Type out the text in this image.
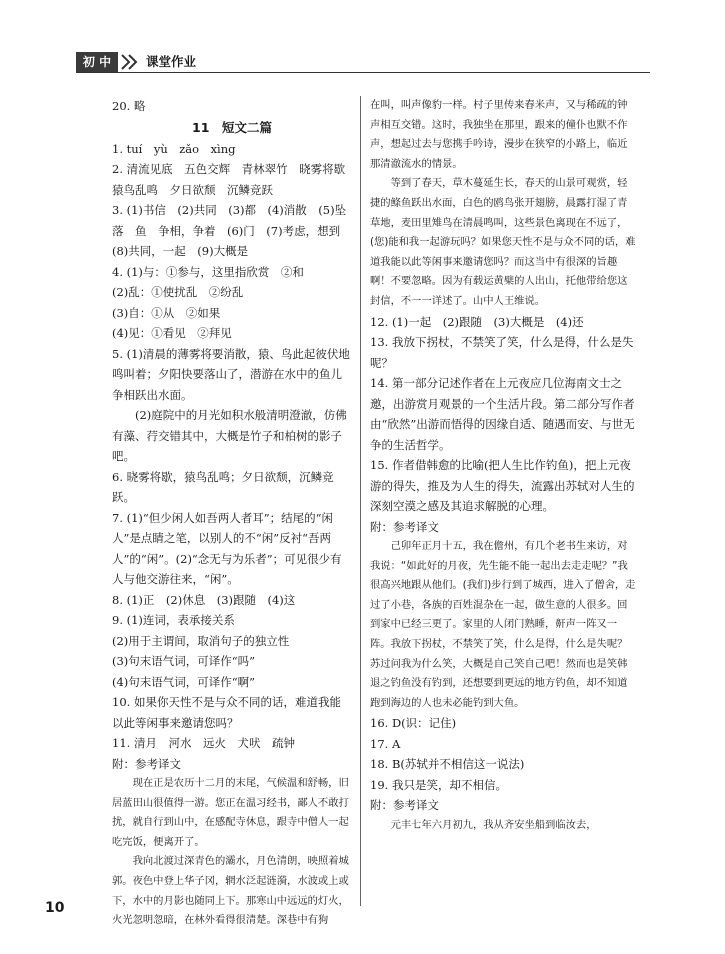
初 中	课堂作业

20. 略

11　短文二篇

1. tuí　yù　zǎo　xìng

2. 清流见底　五色交辉　青林翠竹　晓雾将歇　猿鸟乱鸣　夕日欲颓　沉鳞竞跃

3. (1)书信　(2)共同　(3)都　(4)消散　(5)坠落　鱼　争相，争着　(6)门　(7)考虑，想到　(8)共同，一起　(9)大概是

4. (1)与：①参与，这里指欣赏　②和

(2)乱：①使扰乱　②纷乱

(3)自：①从　②如果

(4)见：①看见　②拜见

5. (1)清晨的薄雾将要消散，猿、鸟此起彼伏地鸣叫着；夕阳快要落山了，潜游在水中的鱼儿争相跃出水面。

(2)庭院中的月光如积水般清明澄澈，仿佛有藻、荇交错其中，大概是竹子和柏树的影子吧。

6. 晓雾将歇，猿鸟乱鸣；夕日欲颓，沉鳞竞跃。

7. (1)“但少闲人如吾两人者耳”；结尾的“闲人”是点睛之笔，以别人的不“闲”反衬“吾两人”的“闲”。(2)“念无与为乐者”；可见很少有人与他交游往来，“闲”。

8. (1)正　(2)休息　(3)跟随　(4)这

9. (1)连词，表承接关系

(2)用于主谓间，取消句子的独立性

(3)句末语气词，可译作“吗”

(4)句末语气词，可译作“啊”

10. 如果你天性不是与众不同的话，难道我能以此等闲事来邀请您吗？

11. 清月　河水　远火　犬吠　疏钟

附：参考译文

现在正是农历十二月的末尾，气候温和舒畅，旧居蓝田山很值得一游。您正在温习经书，鄙人不敢打扰，就自行到山中，在感配寺休息，跟寺中僧人一起吃完饭，便离开了。

我向北渡过深青色的灞水，月色清朗，映照着城郭。夜色中登上华子冈，辋水泛起涟漪，水波或上或下，水中的月影也随同上下。那寒山中远远的灯火，火光忽明忽暗，在林外看得很清楚。深巷中有狗

在叫，叫声像豹一样。村子里传来舂米声，又与稀疏的钟声相互交错。这时，我独坐在那里，跟来的僮仆也默不作声，想起过去与您携手吟诗，漫步在狭窄的小路上，临近那清澈流水的情景。

等到了春天，草木蔓延生长，春天的山景可观赏，轻捷的鲦鱼跃出水面，白色的鸥鸟张开翅膀，晨露打湿了青草地，麦田里雉鸟在清晨鸣叫，这些景色离现在不远了，(您)能和我一起游玩吗？如果您天性不是与众不同的话，难道我能以此等闲事来邀请您吗？而这当中有很深的旨趣啊！不要忽略。因为有载运黄檗的人出山，托他带给您这封信，不一一详述了。山中人王维说。

12. (1)一起　(2)跟随　(3)大概是　(4)还

13. 我放下拐杖，不禁笑了笑，什么是得，什么是失呢？

14. 第一部分记述作者在上元夜应几位海南文士之邀，出游赏月观景的一个生活片段。第二部分写作者由“欣然”出游而悟得的因缘自适、随遇而安、与世无争的生活哲学。

15. 作者借韩愈的比喻(把人生比作钓鱼)，把上元夜游的得失，推及为人生的得失，流露出苏轼对人生的深刻空漠之感及其追求解脱的心理。

附：参考译文

己卯年正月十五，我在儋州，有几个老书生来访，对我说：“如此好的月夜，先生能不能一起出去走走呢？”我很高兴地跟从他们。(我们)步行到了城西，进入了僧舍，走过了小巷，各族的百姓混杂在一起，做生意的人很多。回到家中已经三更了。家里的人闭门熟睡，鼾声一阵又一阵。我放下拐杖，不禁笑了笑，什么是得，什么是失呢？苏过问我为什么笑，大概是自己笑自己吧！然而也是笑韩退之钓鱼没有钓到，还想要到更远的地方钓鱼，却不知道跑到海边的人也未必能钓到大鱼。

16. D(识：记住)

17. A

18. B(苏轼并不相信这一说法)

19. 我只是笑，却不相信。

附：参考译文

元丰七年六月初九，我从齐安坐船到临汝去，

10
